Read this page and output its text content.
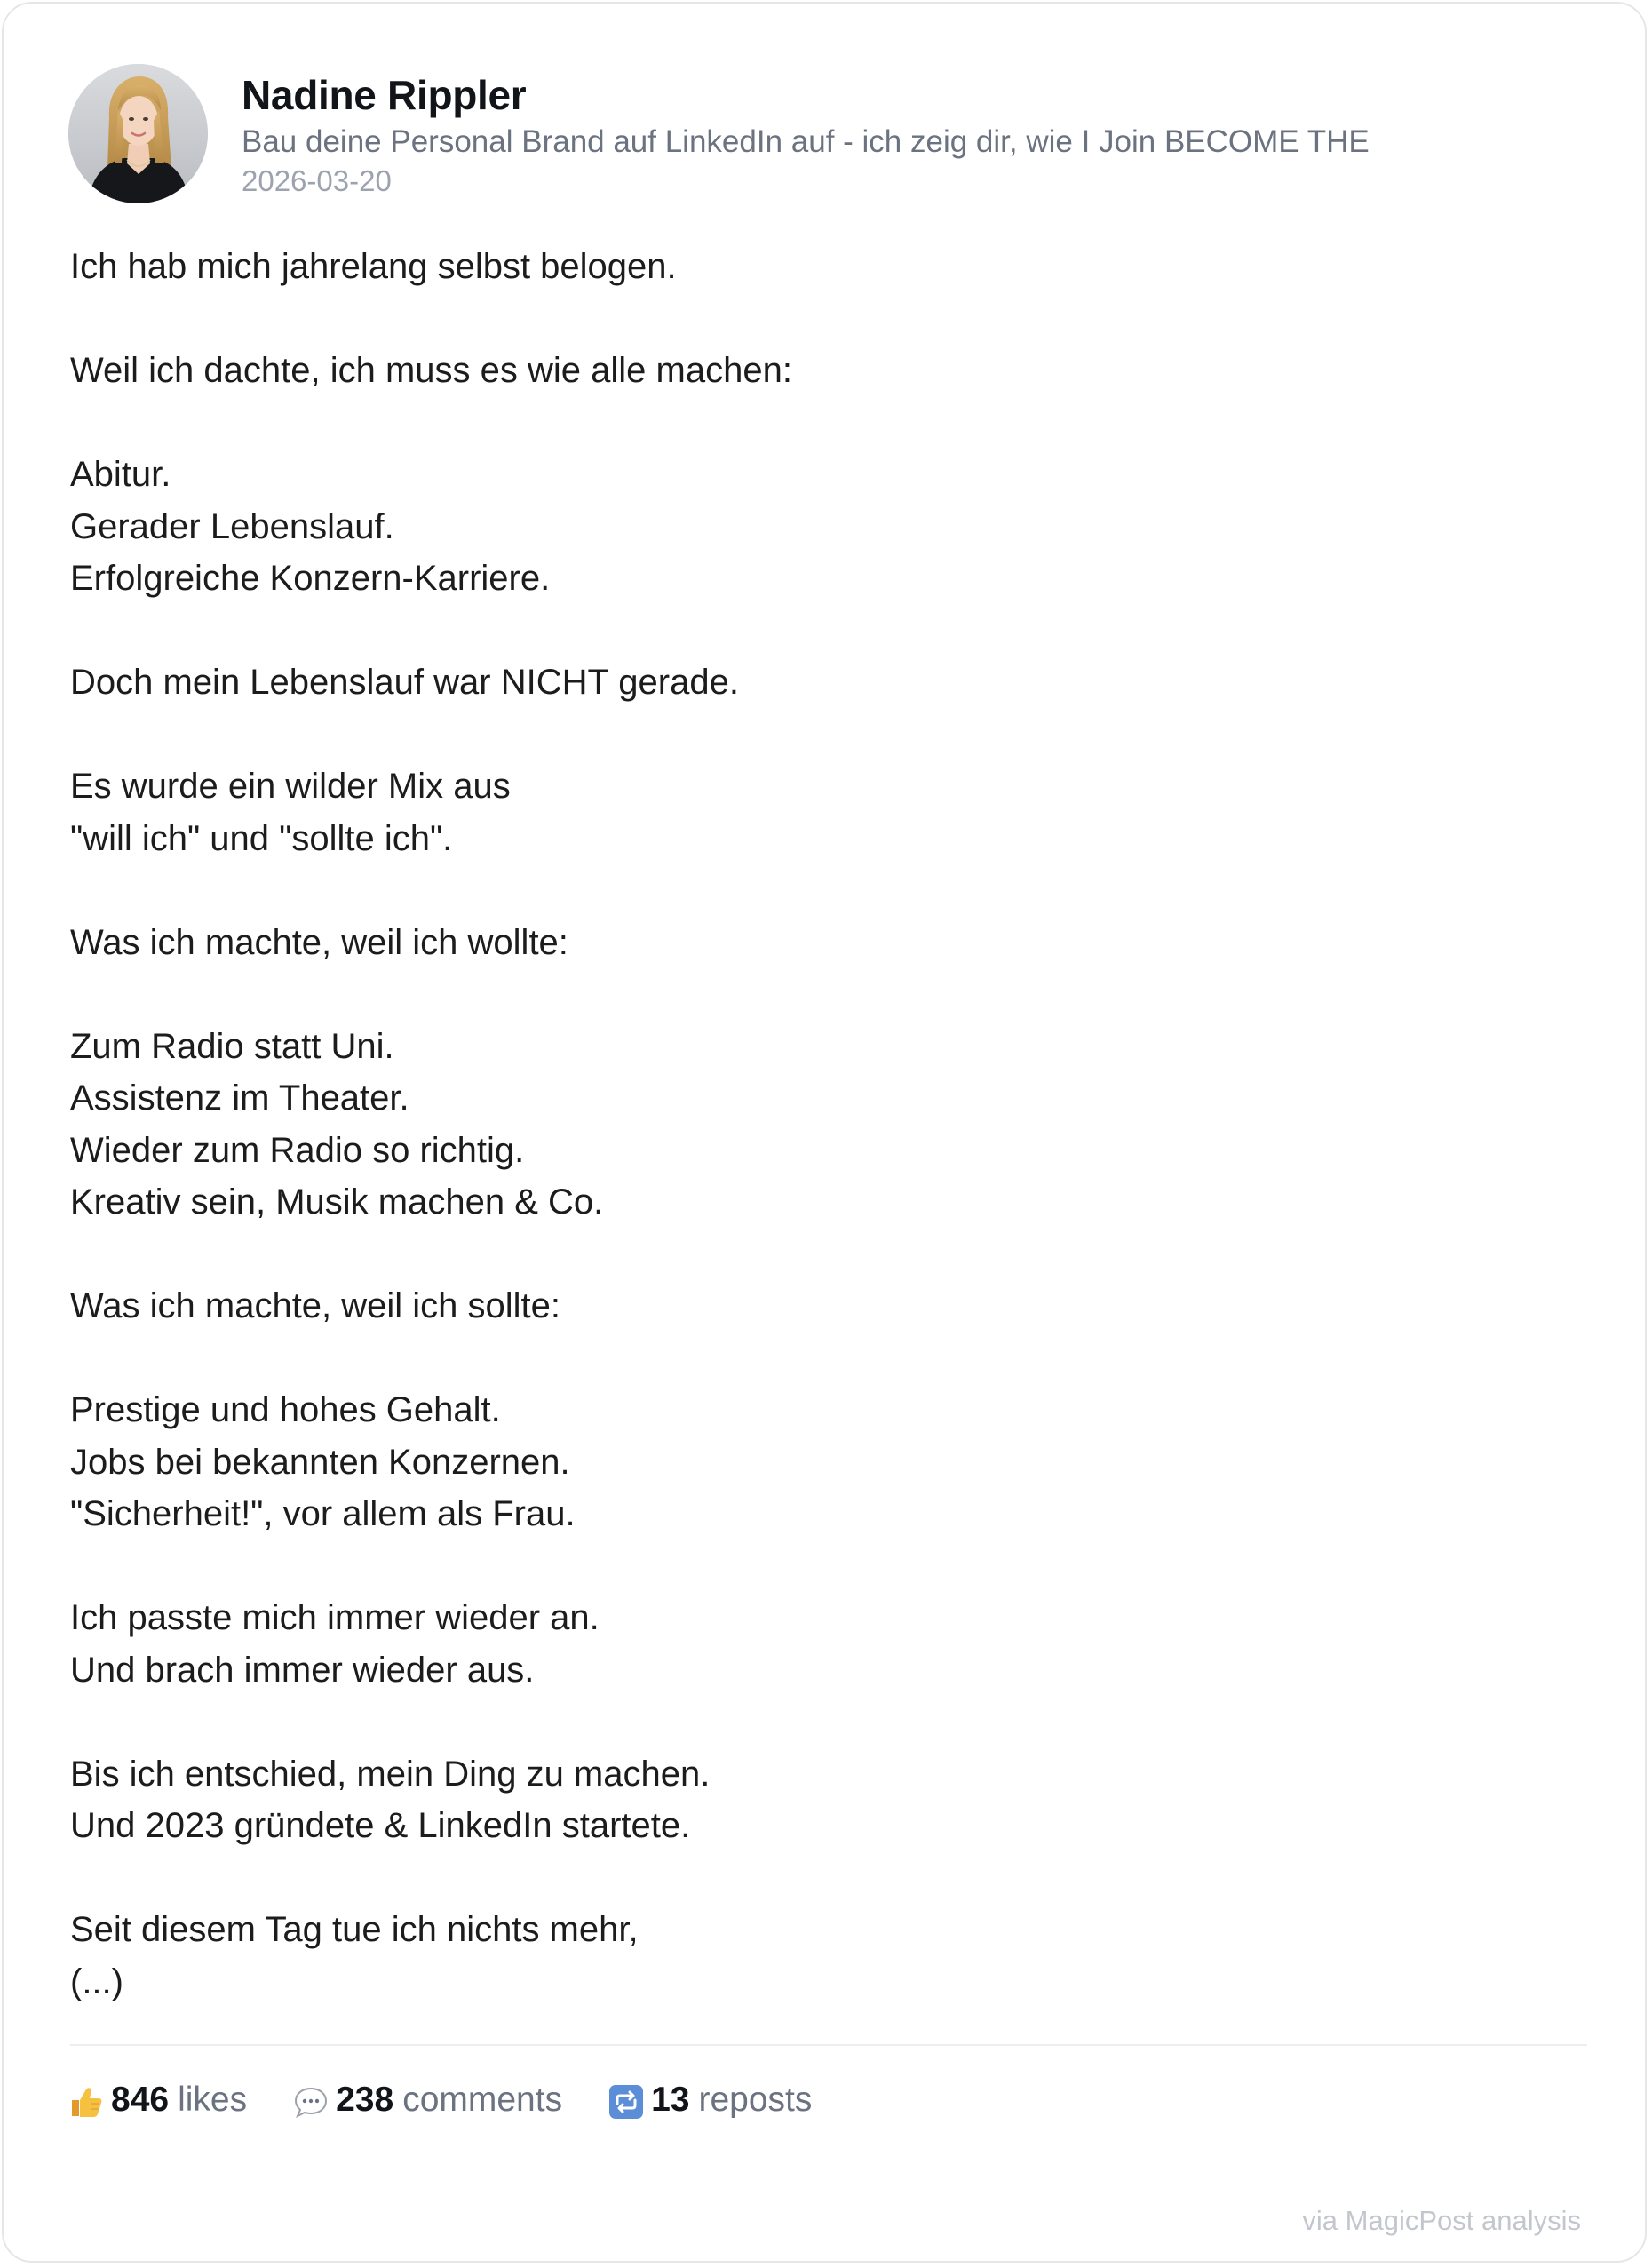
Nadine Rippler
Bau deine Personal Brand auf LinkedIn auf - ich zeig dir, wie I Join BECOME THE
2026-03-20
Ich hab mich jahrelang selbst belogen.
Weil ich dachte, ich muss es wie alle machen:
Abitur.
Gerader Lebenslauf.
Erfolgreiche Konzern-Karriere.
Doch mein Lebenslauf war NICHT gerade.
Es wurde ein wilder Mix aus
"will ich" und "sollte ich".
Was ich machte, weil ich wollte:
Zum Radio statt Uni.
Assistenz im Theater.
Wieder zum Radio so richtig.
Kreativ sein, Musik machen & Co.
Was ich machte, weil ich sollte:
Prestige und hohes Gehalt.
Jobs bei bekannten Konzernen.
"Sicherheit!", vor allem als Frau.
Ich passte mich immer wieder an.
Und brach immer wieder aus.
Bis ich entschied, mein Ding zu machen.
Und 2023 gründete & LinkedIn startete.
Seit diesem Tag tue ich nichts mehr,
(...)
846 likes	238 comments	13 reposts
via MagicPost analysis
